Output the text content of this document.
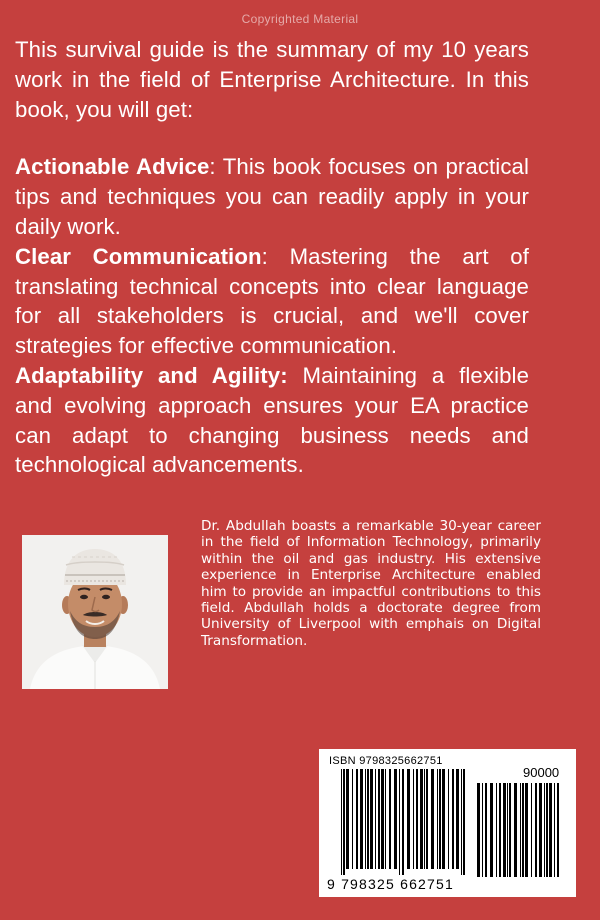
Copyrighted Material

This survival guide is the summary of my 10 years work in the field of Enterprise Architecture. In this book, you will get:

Actionable Advice: This book focuses on practical tips and techniques you can readily apply in your daily work.

Clear Communication: Mastering the art of translating technical concepts into clear language for all stakeholders is crucial, and we'll cover strategies for effective communication.

Adaptability and Agility: Maintaining a flexible and evolving approach ensures your EA practice can adapt to changing business needs and technological advancements.

Dr. Abdullah boasts a remarkable 30-year career in the field of Information Technology, primarily within the oil and gas industry. His extensive experience in Enterprise Architecture enabled him to provide an impactful contributions to this field. Abdullah holds a doctorate degree from University of Liverpool with emphais on Digital Transformation.
ISBN 9798325662751
90000
9 798325 662751
